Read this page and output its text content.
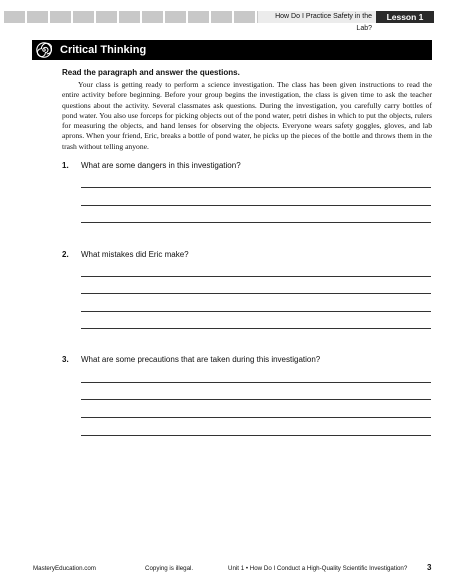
How Do I Practice Safety in the Lab?
Lesson 1
Critical Thinking
Read the paragraph and answer the questions.
Your class is getting ready to perform a science investigation. The class has been given instructions to read the entire activity before beginning. Before your group begins the investigation, the class is given time to ask the teacher questions about the activity. Several classmates ask questions. During the investigation, you carefully carry bottles of pond water. You also use forceps for picking objects out of the pond water, petri dishes in which to put the objects, rulers for measuring the objects, and hand lenses for observing the objects. Everyone wears safety goggles, gloves, and lab aprons. When your friend, Eric, breaks a bottle of pond water, he picks up the pieces of the bottle and throws them in the trash without telling anyone.
1. What are some dangers in this investigation?
2. What mistakes did Eric make?
3. What are some precautions that are taken during this investigation?
MasteryEducation.com	Copying is illegal.	Unit 1 • How Do I Conduct a High-Quality Scientific Investigation? 3
